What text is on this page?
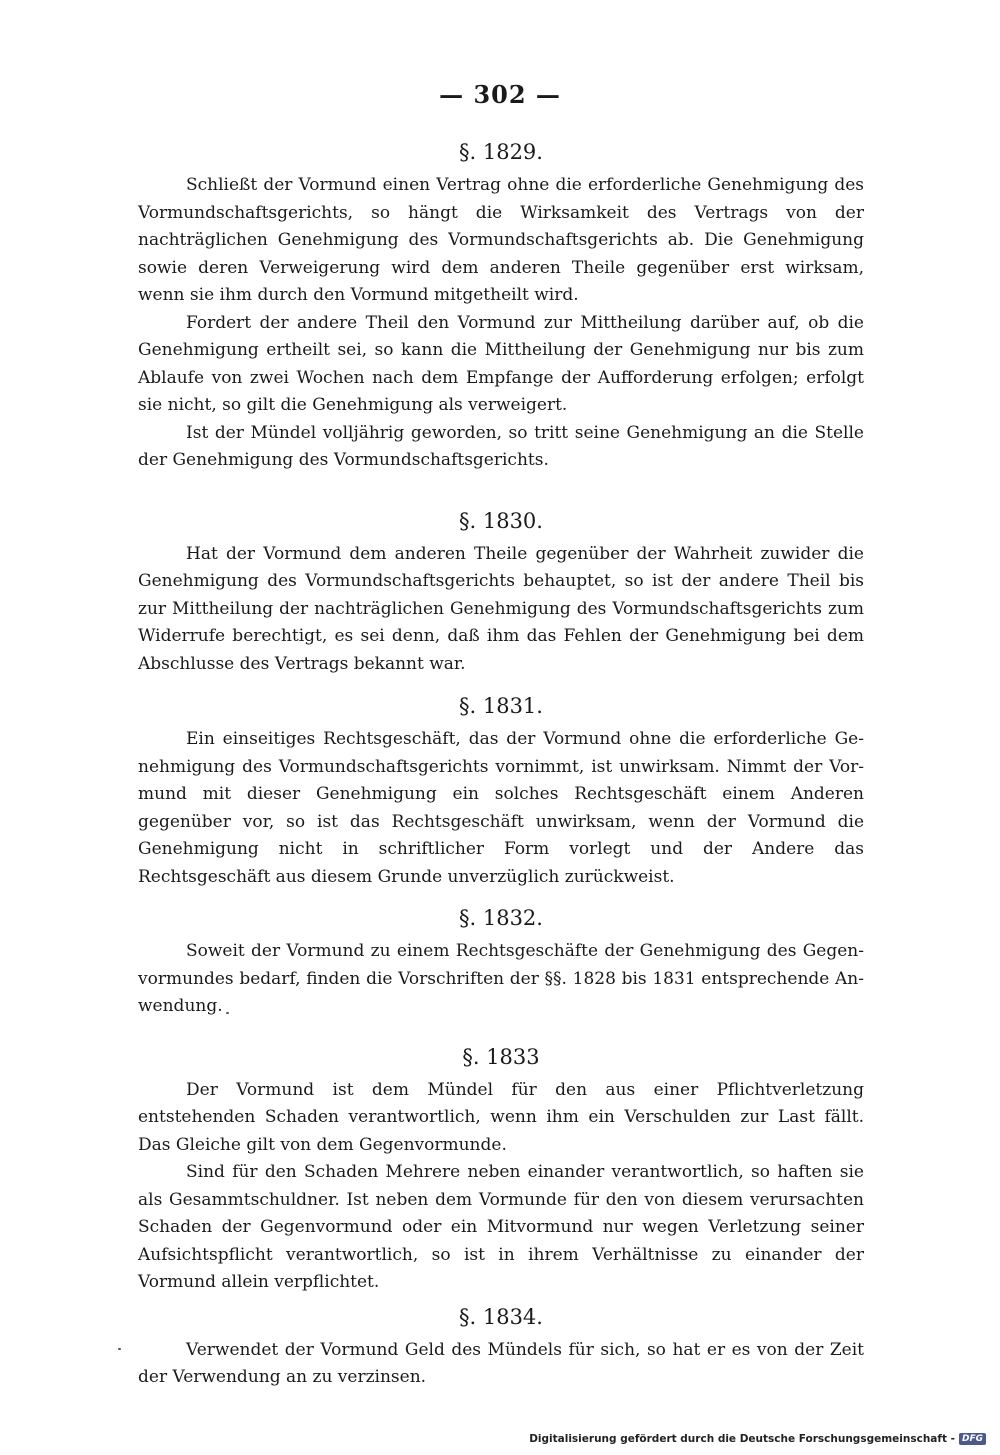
— 302 —
§. 1829.

Schließt der Vormund einen Vertrag ohne die erforderliche Genehmigung des Vormundschaftsgerichts, so hängt die Wirksamkeit des Vertrags von der nachträglichen Genehmigung des Vormundschaftsgerichts ab. Die Genehmigung sowie deren Verweigerung wird dem anderen Theile gegenüber erst wirksam, wenn sie ihm durch den Vormund mitgetheilt wird.

Fordert der andere Theil den Vormund zur Mittheilung darüber auf, ob die Genehmigung ertheilt sei, so kann die Mittheilung der Genehmigung nur bis zum Ablaufe von zwei Wochen nach dem Empfange der Aufforderung erfolgen; erfolgt sie nicht, so gilt die Genehmigung als verweigert.

Ist der Mündel volljährig geworden, so tritt seine Genehmigung an die Stelle der Genehmigung des Vormundschaftsgerichts.

§. 1830.

Hat der Vormund dem anderen Theile gegenüber der Wahrheit zuwider die Genehmigung des Vormundschaftsgerichts behauptet, so ist der andere Theil bis zur Mittheilung der nachträglichen Genehmigung des Vormundschaftsgerichts zum Widerrufe berechtigt, es sei denn, daß ihm das Fehlen der Genehmigung bei dem Abschlusse des Vertrags bekannt war.

§. 1831.

Ein einseitiges Rechtsgeschäft, das der Vormund ohne die erforderliche Genehmigung des Vormundschaftsgerichts vornimmt, ist unwirksam. Nimmt der Vormund mit dieser Genehmigung ein solches Rechtsgeschäft einem Anderen gegenüber vor, so ist das Rechtsgeschäft unwirksam, wenn der Vormund die Genehmigung nicht in schriftlicher Form vorlegt und der Andere das Rechtsgeschäft aus diesem Grunde unverzüglich zurückweist.

§. 1832.

Soweit der Vormund zu einem Rechtsgeschäfte der Genehmigung des Gegenvormundes bedarf, finden die Vorschriften der §§. 1828 bis 1831 entsprechende Anwendung.

§. 1833

Der Vormund ist dem Mündel für den aus einer Pflichtverletzung entstehenden Schaden verantwortlich, wenn ihm ein Verschulden zur Last fällt. Das Gleiche gilt von dem Gegenvormunde.

Sind für den Schaden Mehrere neben einander verantwortlich, so haften sie als Gesammtschuldner. Ist neben dem Vormunde für den von diesem verursachten Schaden der Gegenvormund oder ein Mitvormund nur wegen Verletzung seiner Aufsichtspflicht verantwortlich, so ist in ihrem Verhältnisse zu einander der Vormund allein verpflichtet.

§. 1834.

Verwendet der Vormund Geld des Mündels für sich, so hat er es von der Zeit der Verwendung an zu verzinsen.

Digitalisierung gefördert durch die Deutsche Forschungsgemeinschaft - DFG
